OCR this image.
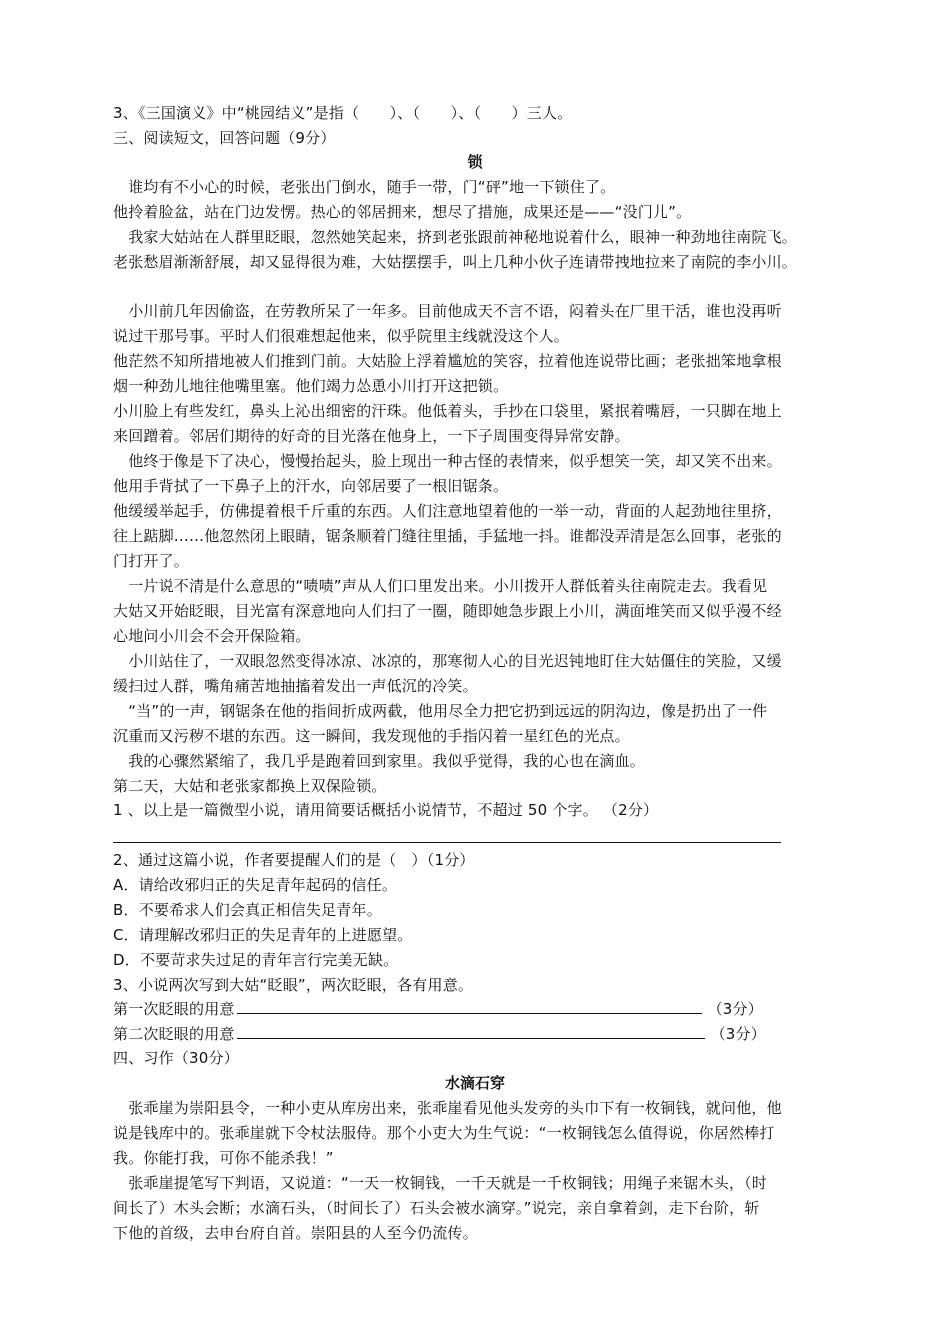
3、《三国演义》中“桃园结义”是指（　　）、（　　）、（　　）三人。
三、阅读短文，回答问题（9分）
锁
　谁均有不小心的时候，老张出门倒水，随手一带，门“砰”地一下锁住了。
他拎着脸盆，站在门边发愣。热心的邻居拥来，想尽了措施，成果还是——“没门儿”。
　我家大姑站在人群里眨眼，忽然她笑起来，挤到老张跟前神秘地说着什么，眼神一种劲地往南院飞。
老张愁眉渐渐舒展，却又显得很为难，大姑摆摆手，叫上几种小伙子连请带拽地拉来了南院的李小川。
　小川前几年因偷盗，在劳教所呆了一年多。目前他成天不言不语，闷着头在厂里干活，谁也没再听
说过干那号事。平时人们很难想起他来，似乎院里主线就没这个人。
他茫然不知所措地被人们推到门前。大姑脸上浮着尴尬的笑容，拉着他连说带比画；老张拙笨地拿根
烟一种劲儿地往他嘴里塞。他们竭力怂恿小川打开这把锁。
小川脸上有些发红，鼻头上沁出细密的汗珠。他低着头，手抄在口袋里，紧抿着嘴唇，一只脚在地上
来回蹭着。邻居们期待的好奇的目光落在他身上，一下子周围变得异常安静。
　他终于像是下了决心，慢慢抬起头，脸上现出一种古怪的表情来，似乎想笑一笑，却又笑不出来。
他用手背拭了一下鼻子上的汗水，向邻居要了一根旧锯条。
他缓缓举起手，仿佛提着根千斤重的东西。人们注意地望着他的一举一动，背面的人起劲地往里挤，
往上踮脚……他忽然闭上眼睛，锯条顺着门缝往里插，手猛地一抖。谁都没弄清是怎么回事，老张的
门打开了。
　一片说不清是什么意思的“啧啧”声从人们口里发出来。小川拨开人群低着头往南院走去。我看见
大姑又开始眨眼，目光富有深意地向人们扫了一圈，随即她急步跟上小川，满面堆笑而又似乎漫不经
心地问小川会不会开保险箱。
　小川站住了，一双眼忽然变得冰凉、冰凉的，那寒彻人心的目光迟钝地盯住大姑僵住的笑脸，又缓
缓扫过人群，嘴角痛苦地抽搐着发出一声低沉的冷笑。
　“当”的一声，钢锯条在他的指间折成两截，他用尽全力把它扔到远远的阴沟边，像是扔出了一件
沉重而又污秽不堪的东西。这一瞬间，我发现他的手指闪着一星红色的光点。
　我的心骤然紧缩了，我几乎是跑着回到家里。我似乎觉得，我的心也在滴血。
第二天，大姑和老张家都换上双保险锁。
1 、以上是一篇微型小说，请用简要话概括小说情节，不超过 50 个字。 （2分）
2、通过这篇小说，作者要提醒人们的是（　）（1分）
A．请给改邪归正的失足青年起码的信任。
B．不要希求人们会真正相信失足青年。
C．请理解改邪归正的失足青年的上进愿望。
D．不要苛求失过足的青年言行完美无缺。
3、小说两次写到大姑“眨眼”，两次眨眼，各有用意。
第一次眨眼的用意	（3分）
第二次眨眼的用意	（3分）
四、习作（30分）
水滴石穿
　张乖崖为崇阳县令，一种小吏从库房出来，张乖崖看见他头发旁的头巾下有一枚铜钱，就问他，他
说是钱库中的。张乖崖就下令杖法服侍。那个小吏大为生气说：“一枚铜钱怎么值得说，你居然棒打
我。你能打我，可你不能杀我！”
　张乖崖提笔写下判语，又说道：“一天一枚铜钱，一千天就是一千枚铜钱；用绳子来锯木头，（时
间长了）木头会断；水滴石头，（时间长了）石头会被水滴穿。”说完，亲自拿着剑，走下台阶，斩
下他的首级，去申台府自首。崇阳县的人至今仍流传。
